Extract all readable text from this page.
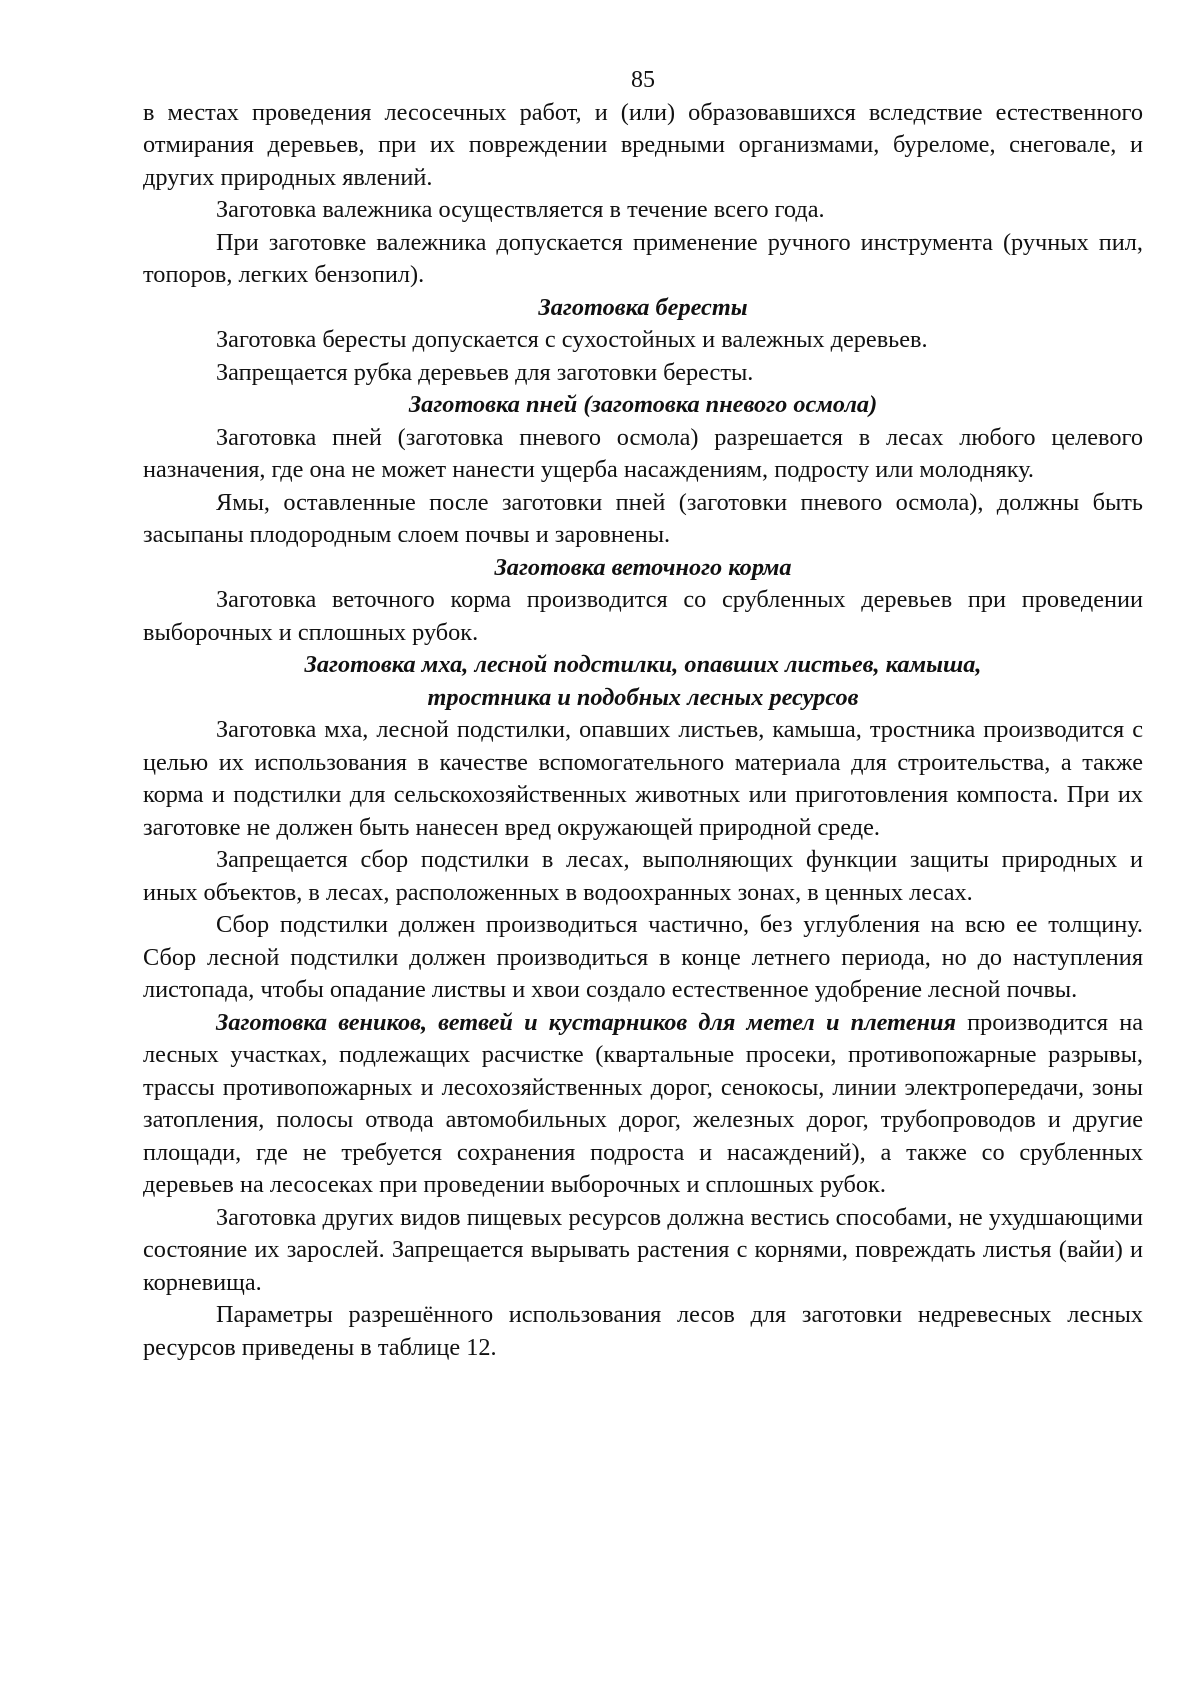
85

в местах проведения лесосечных работ, и (или) образовавшихся вследствие естественного отмирания деревьев, при их повреждении вредными организмами, буреломе, снеговале, и других природных явлений.

Заготовка валежника осуществляется в течение всего года.

При заготовке валежника допускается применение ручного инструмента (ручных пил, топоров, легких бензопил).

Заготовка бересты

Заготовка бересты допускается с сухостойных и валежных деревьев.

Запрещается рубка деревьев для заготовки бересты.

Заготовка пней (заготовка пневого осмола)

Заготовка пней (заготовка пневого осмола) разрешается в лесах любого целевого назначения, где она не может нанести ущерба насаждениям, подросту или молодняку.

Ямы, оставленные после заготовки пней (заготовки пневого осмола), должны быть засыпаны плодородным слоем почвы и заровнены.

Заготовка веточного корма

Заготовка веточного корма производится со срубленных деревьев при проведении выборочных и сплошных рубок.

Заготовка мха, лесной подстилки, опавших листьев, камыша,
тростника и подобных лесных ресурсов

Заготовка мха, лесной подстилки, опавших листьев, камыша, тростника производится с целью их использования в качестве вспомогательного материала для строительства, а также корма и подстилки для сельскохозяйственных животных или приготовления компоста. При их заготовке не должен быть нанесен вред окружающей природной среде.

Запрещается сбор подстилки в лесах, выполняющих функции защиты природных и иных объектов, в лесах, расположенных в водоохранных зонах, в ценных лесах.

Сбор подстилки должен производиться частично, без углубления на всю ее толщину. Сбор лесной подстилки должен производиться в конце летнего периода, но до наступления листопада, чтобы опадание листвы и хвои создало естественное удобрение лесной почвы.

Заготовка веников, ветвей и кустарников для метел и плетения производится на лесных участках, подлежащих расчистке (квартальные просеки, противопожарные разрывы, трассы противопожарных и лесохозяйственных дорог, сенокосы, линии электропередачи, зоны затопления, полосы отвода автомобильных дорог, железных дорог, трубопроводов и другие площади, где не требуется сохранения подроста и насаждений), а также со срубленных деревьев на лесосеках при проведении выборочных и сплошных рубок.

Заготовка других видов пищевых ресурсов должна вестись способами, не ухудшающими состояние их зарослей. Запрещается вырывать растения с корнями, повреждать листья (вайи) и корневища.

Параметры разрешённого использования лесов для заготовки недревесных лесных ресурсов приведены в таблице 12.
